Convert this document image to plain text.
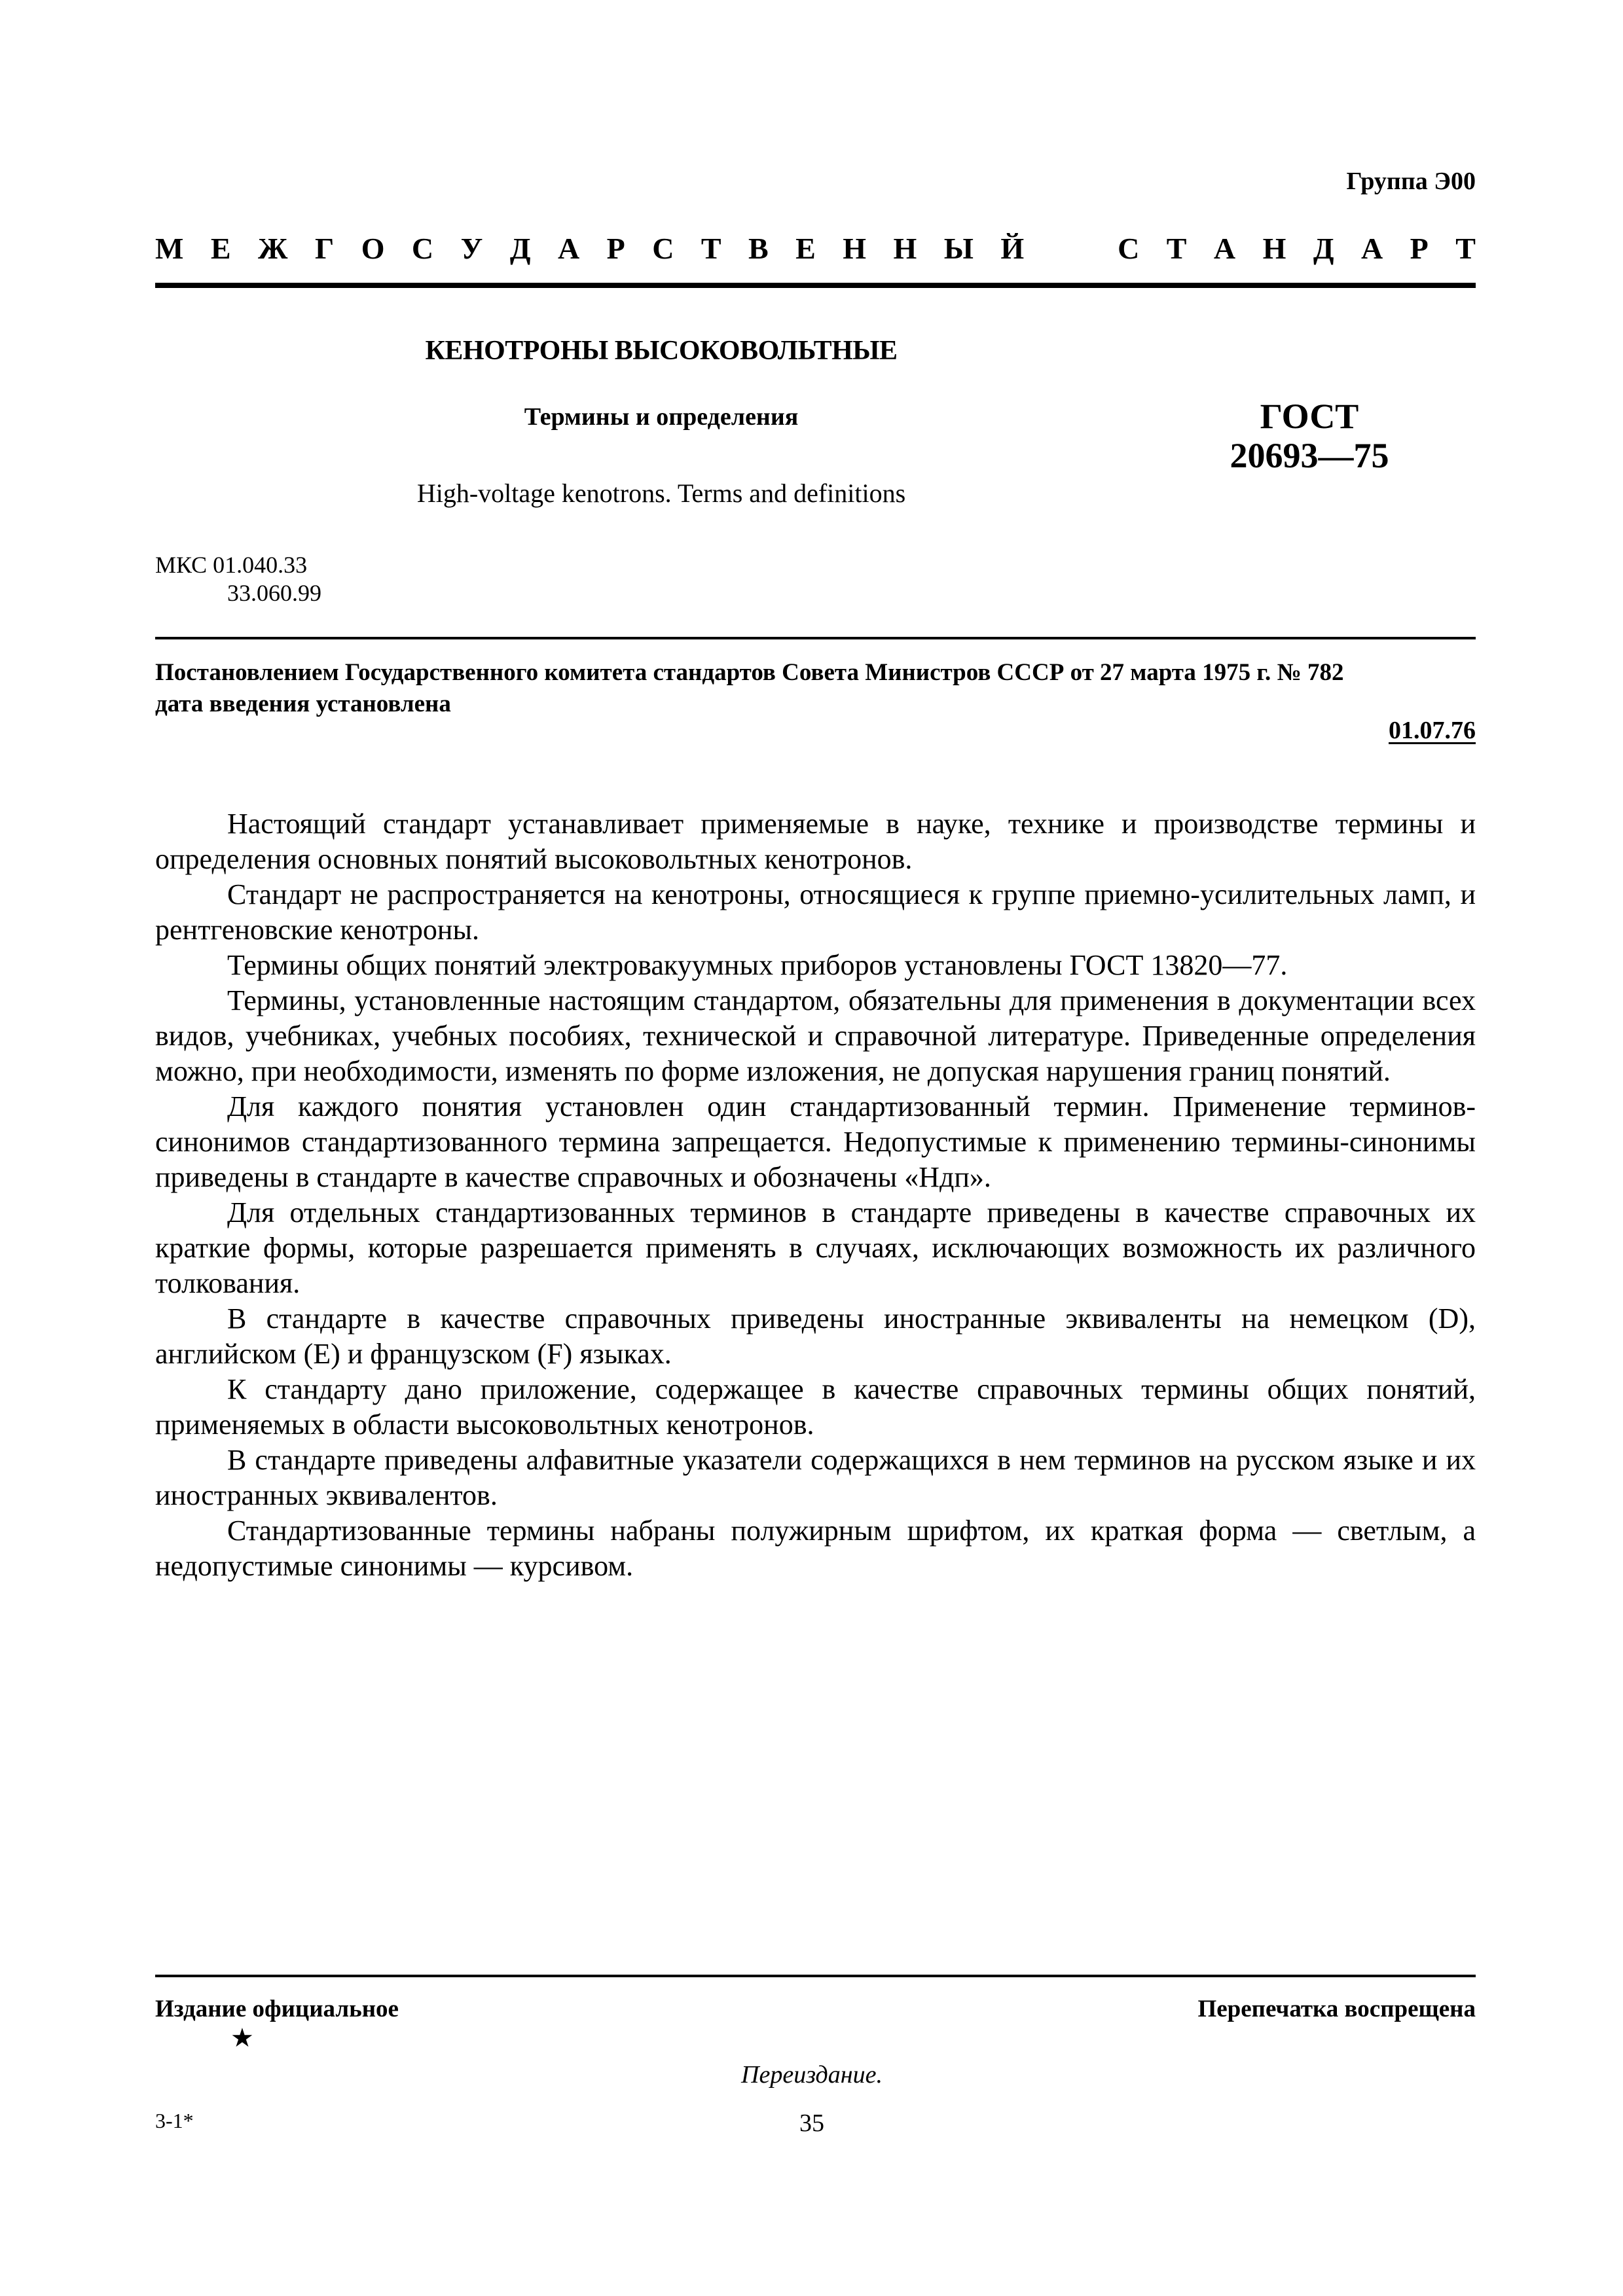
Группа Э00
М Е Ж Г О С У Д А Р С Т В Е Н Н Ы Й	С Т А Н Д А Р Т
КЕНОТРОНЫ ВЫСОКОВОЛЬТНЫЕ
Термины и определения
High-voltage kenotrons. Terms and definitions
ГОСТ
20693—75
МКС 01.040.33
33.060.99
Постановлением Государственного комитета стандартов Совета Министров СССР от 27 марта 1975 г. № 782
дата введения установлена
01.07.76

Настоящий стандарт устанавливает применяемые в науке, технике и производстве термины и определения основных понятий высоковольтных кенотронов.

Стандарт не распространяется на кенотроны, относящиеся к группе приемно-усилительных ламп, и рентгеновские кенотроны.

Термины общих понятий электровакуумных приборов установлены ГОСТ 13820—77.

Термины, установленные настоящим стандартом, обязательны для применения в документации всех видов, учебниках, учебных пособиях, технической и справочной литературе. Приведенные определения можно, при необходимости, изменять по форме изложения, не допуская нарушения границ понятий.

Для каждого понятия установлен один стандартизованный термин. Применение терминов-синонимов стандартизованного термина запрещается. Недопустимые к применению термины-синонимы приведены в стандарте в качестве справочных и обозначены «Ндп».

Для отдельных стандартизованных терминов в стандарте приведены в качестве справочных их краткие формы, которые разрешается применять в случаях, исключающих возможность их различного толкования.

В стандарте в качестве справочных приведены иностранные эквиваленты на немецком (D), английском (Е) и французском (F) языках.

К стандарту дано приложение, содержащее в качестве справочных термины общих понятий, применяемых в области высоковольтных кенотронов.

В стандарте приведены алфавитные указатели содержащихся в нем терминов на русском языке и их иностранных эквивалентов.

Стандартизованные термины набраны полужирным шрифтом, их краткая форма — светлым, а недопустимые синонимы — курсивом.

Издание официальное	Перепечатка воспрещена
★
Переиздание.
3-1*	35
